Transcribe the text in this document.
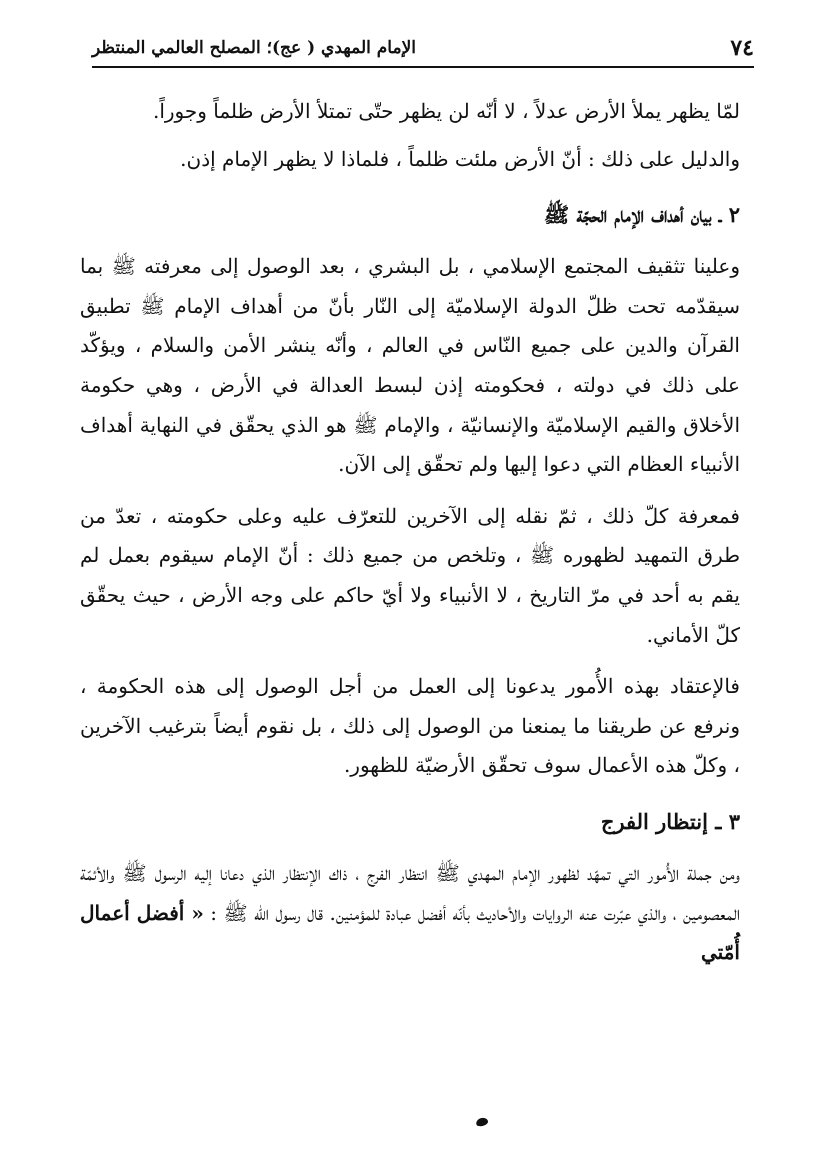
٧٤
الإمام المهدي ( عج)؛ المصلح العالمي المنتظر

لمّا يظهر يملأ الأرض عدلاً ، لا أنّه لن يظهر حتّى تمتلأ الأرض ظلماً وجوراً.

والدليل على ذلك : أنّ الأرض ملئت ظلماً ، فلماذا لا يظهر الإمام إذن.

٢ ـ بيان أهداف الإمام الحجّة ﷺ

وعلينا تثقيف المجتمع الإسلامي ، بل البشري ، بعد الوصول إلى معرفته ﷺ بما سيقدّمه تحت ظلّ الدولة الإسلاميّة إلى النّار بأنّ من أهداف الإمام ﷺ تطبيق القرآن والدين على جميع النّاس في العالم ، وأنّه ينشر الأمن والسلام ، ويؤكّد على ذلك في دولته ، فحكومته إذن لبسط العدالة في الأرض ، وهي حكومة الأخلاق والقيم الإسلاميّة والإنسانيّة ، والإمام ﷺ هو الذي يحقّق في النهاية أهداف الأنبياء العظام التي دعوا إليها ولم تحقّق إلى الآن.

فمعرفة كلّ ذلك ، ثمّ نقله إلى الآخرين للتعرّف عليه وعلى حكومته ، تعدّ من طرق التمهيد لظهوره ﷺ ، وتلخص من جميع ذلك : أنّ الإمام سيقوم بعمل لم يقم به أحد في مرّ التاريخ ، لا الأنبياء ولا أيّ حاكم على وجه الأرض ، حيث يحقّق كلّ الأماني.

فالإعتقاد بهذه الأُمور يدعونا إلى العمل من أجل الوصول إلى هذه الحكومة ، ونرفع عن طريقنا ما يمنعنا من الوصول إلى ذلك ، بل نقوم أيضاً بترغيب الآخرين ، وكلّ هذه الأعمال سوف تحقّق الأرضيّة للظهور.

٣ ـ إنتظار الفرج

ومن جملة الأُمور التي تمهّد لظهور الإمام المهدي ﷺ انتظار الفرج ، ذاك الإنتظار الذي دعانا إليه الرسول ﷺ والأئمّة المعصومين ، والذي عبّرت عنه الروايات والأحاديث بأنّه أفضل عبادة للمؤمنين. قال رسول الله ﷺ : « أفضل أعمال أُمّتي
